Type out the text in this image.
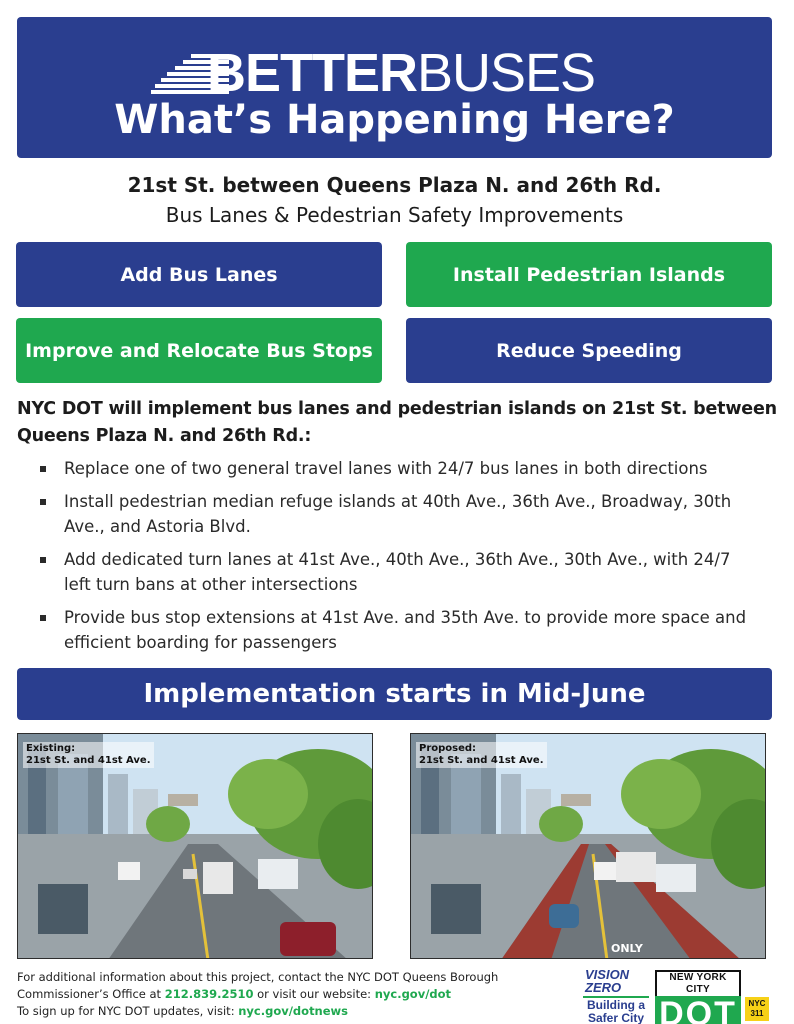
BETTERBUSES
What’s Happening Here?
21st St. between Queens Plaza N. and 26th Rd.
Bus Lanes & Pedestrian Safety Improvements
Add Bus Lanes	Install Pedestrian Islands
Improve and Relocate Bus Stops	Reduce Speeding
NYC DOT will implement bus lanes and pedestrian islands on 21st St. between Queens Plaza N. and 26th Rd.:
Replace one of two general travel lanes with 24/7 bus lanes in both directions
Install pedestrian median refuge islands at 40th Ave., 36th Ave., Broadway, 30th Ave., and Astoria Blvd.
Add dedicated turn lanes at 41st Ave., 40th Ave., 36th Ave., 30th Ave., with 24/7 left turn bans at other intersections
Provide bus stop extensions at 41st Ave. and 35th Ave. to provide more space and efficient boarding for passengers
Implementation starts in Mid-June
Existing:
21st St. and 41st Ave.
ONLY
Proposed:
21st St. and 41st Ave.
For additional information about this project, contact the NYC DOT Queens Borough
Commissioner’s Office at 212.839.2510 or visit our website: nyc.gov/dot
To sign up for NYC DOT updates, visit: nyc.gov/dotnews
VISION ZERO
Building a
Safer City
NEW YORK CITY
DOT	NYC
311
